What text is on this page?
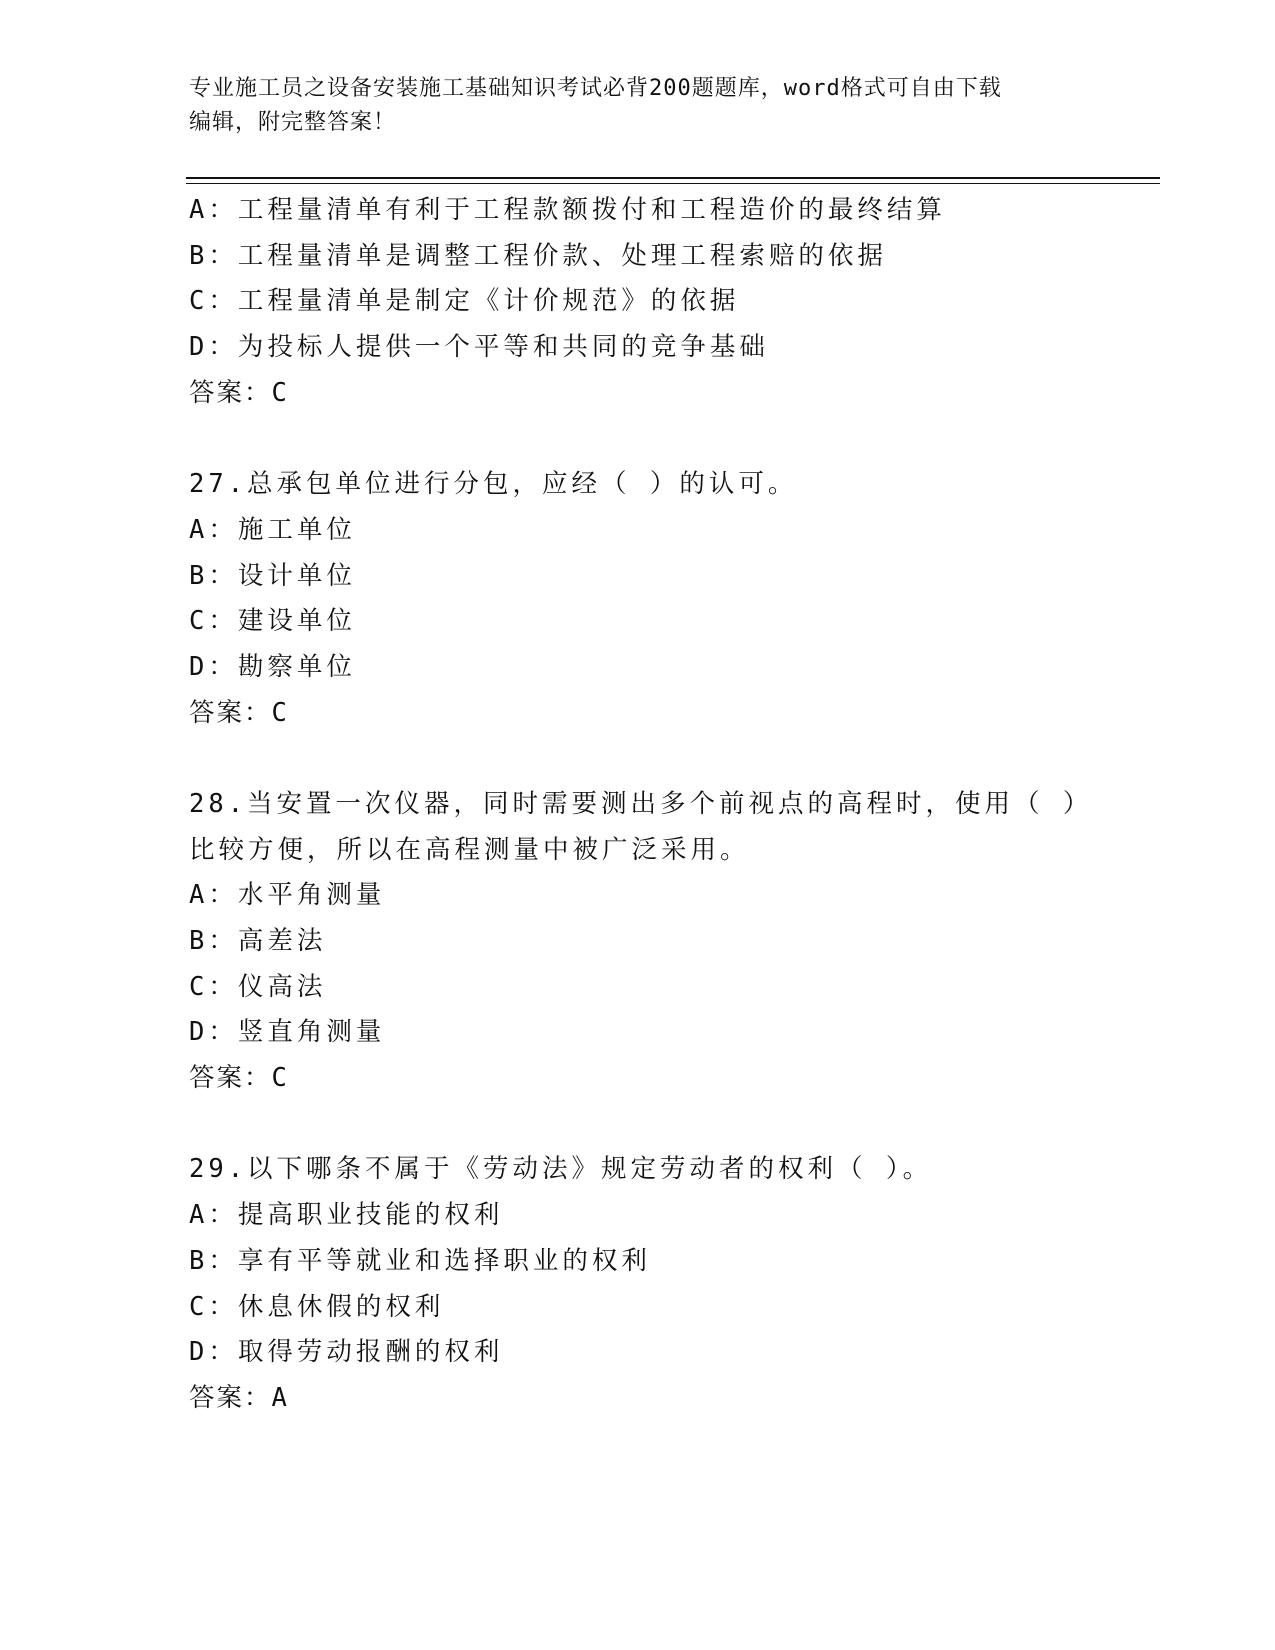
专业施工员之设备安装施工基础知识考试必背200题题库，word格式可自由下载
编辑，附完整答案！
A：工程量清单有利于工程款额拨付和工程造价的最终结算
B：工程量清单是调整工程价款、处理工程索赔的依据
C：工程量清单是制定《计价规范》的依据
D：为投标人提供一个平等和共同的竞争基础
答案：C
27.总承包单位进行分包，应经（ ）的认可。
A：施工单位
B：设计单位
C：建设单位
D：勘察单位
答案：C
28.当安置一次仪器，同时需要测出多个前视点的高程时，使用（ ）
比较方便，所以在高程测量中被广泛采用。
A：水平角测量
B：高差法
C：仪高法
D：竖直角测量
答案：C
29.以下哪条不属于《劳动法》规定劳动者的权利（ ）。
A：提高职业技能的权利
B：享有平等就业和选择职业的权利
C：休息休假的权利
D：取得劳动报酬的权利
答案：A
